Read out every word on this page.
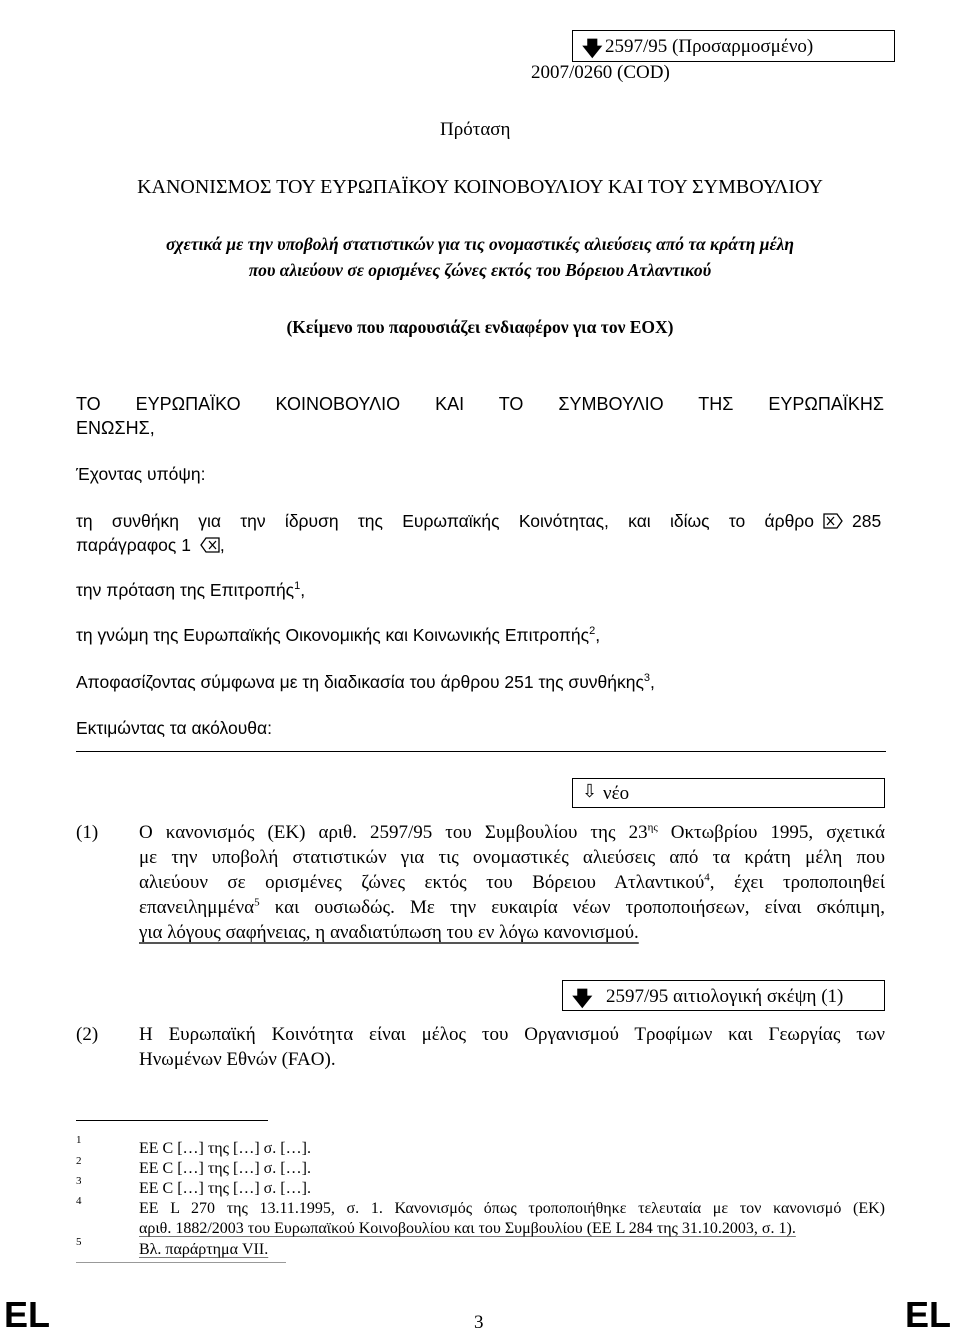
🡇 2597/95 (Προσαρμοσμένο)
2007/0260 (COD)
Πρόταση
ΚΑΝΟΝΙΣΜΟΣ ΤΟΥ ΕΥΡΩΠΑΪΚΟΥ ΚΟΙΝΟΒΟΥΛΙΟΥ ΚΑΙ ΤΟΥ ΣΥΜΒΟΥΛΙΟΥ
σχετικά με την υποβολή στατιστικών για τις ονομαστικές αλιεύσεις από τα κράτη μέλη
που αλιεύουν σε ορισμένες ζώνες εκτός του Βόρειου Ατλαντικού
(Κείμενο που παρουσιάζει ενδιαφέρον για τον ΕΟΧ)
ΤΟ ΕΥΡΩΠΑΪΚΟ ΚΟΙΝΟΒΟΥΛΙΟ ΚΑΙ ΤΟ ΣΥΜΒΟΥΛΙΟ ΤΗΣ ΕΥΡΩΠΑΪΚΗΣ
ΕΝΩΣΗΣ,
Έχοντας υπόψη:
τη συνθήκη για την ίδρυση της Ευρωπαϊκής Κοινότητας, και ιδίως το άρθρο 285
παράγραφος 1 ,
την πρόταση της Επιτροπής$^1$,
τη γνώμη της Ευρωπαϊκής Οικονομικής και Κοινωνικής Επιτροπής$^2$,
Αποφασίζοντας σύμφωνα με τη διαδικασία του άρθρου 251 της συνθήκης$^3$,
Εκτιμώντας τα ακόλουθα:
⇩ νέο
(1) Ο κανονισμός (ΕΚ) αριθ. 2597/95 του Συμβουλίου της $23^{\eta\varsigma}$ Οκτωβρίου 1995, σχετικά
με την υποβολή στατιστικών για τις ονομαστικές αλιεύσεις από τα κράτη μέλη που
αλιεύουν σε ορισμένες ζώνες εκτός του Βόρειου Ατλαντικού$^4$, έχει τροποποιηθεί
επανειλημμένα$^5$ και ουσιωδώς. Με την ευκαιρία νέων τροποποιήσεων, είναι σκόπιμη,
για λόγους σαφήνειας, η αναδιατύπωση του εν λόγω κανονισμού.
🡇 2597/95 αιτιολογική σκέψη (1)
(2) Η Ευρωπαϊκή Κοινότητα είναι μέλος του Οργανισμού Τροφίμων και Γεωργίας των
Ηνωμένων Εθνών (FAO).
1	ΕΕ C […] της […] σ. […].
2	ΕΕ C […] της […] σ. […].
3	ΕΕ C […] της […] σ. […].
4	ΕΕ L 270 της 13.11.1995, σ. 1. Κανονισμός όπως τροποποιήθηκε τελευταία με τον κανονισμό (ΕΚ)
αριθ. 1882/2003 του Ευρωπαϊκού Κοινοβουλίου και του Συμβουλίου (ΕΕ L 284 της 31.10.2003, σ. 1).
5	Βλ. παράρτημα VII.
EL	3	EL
